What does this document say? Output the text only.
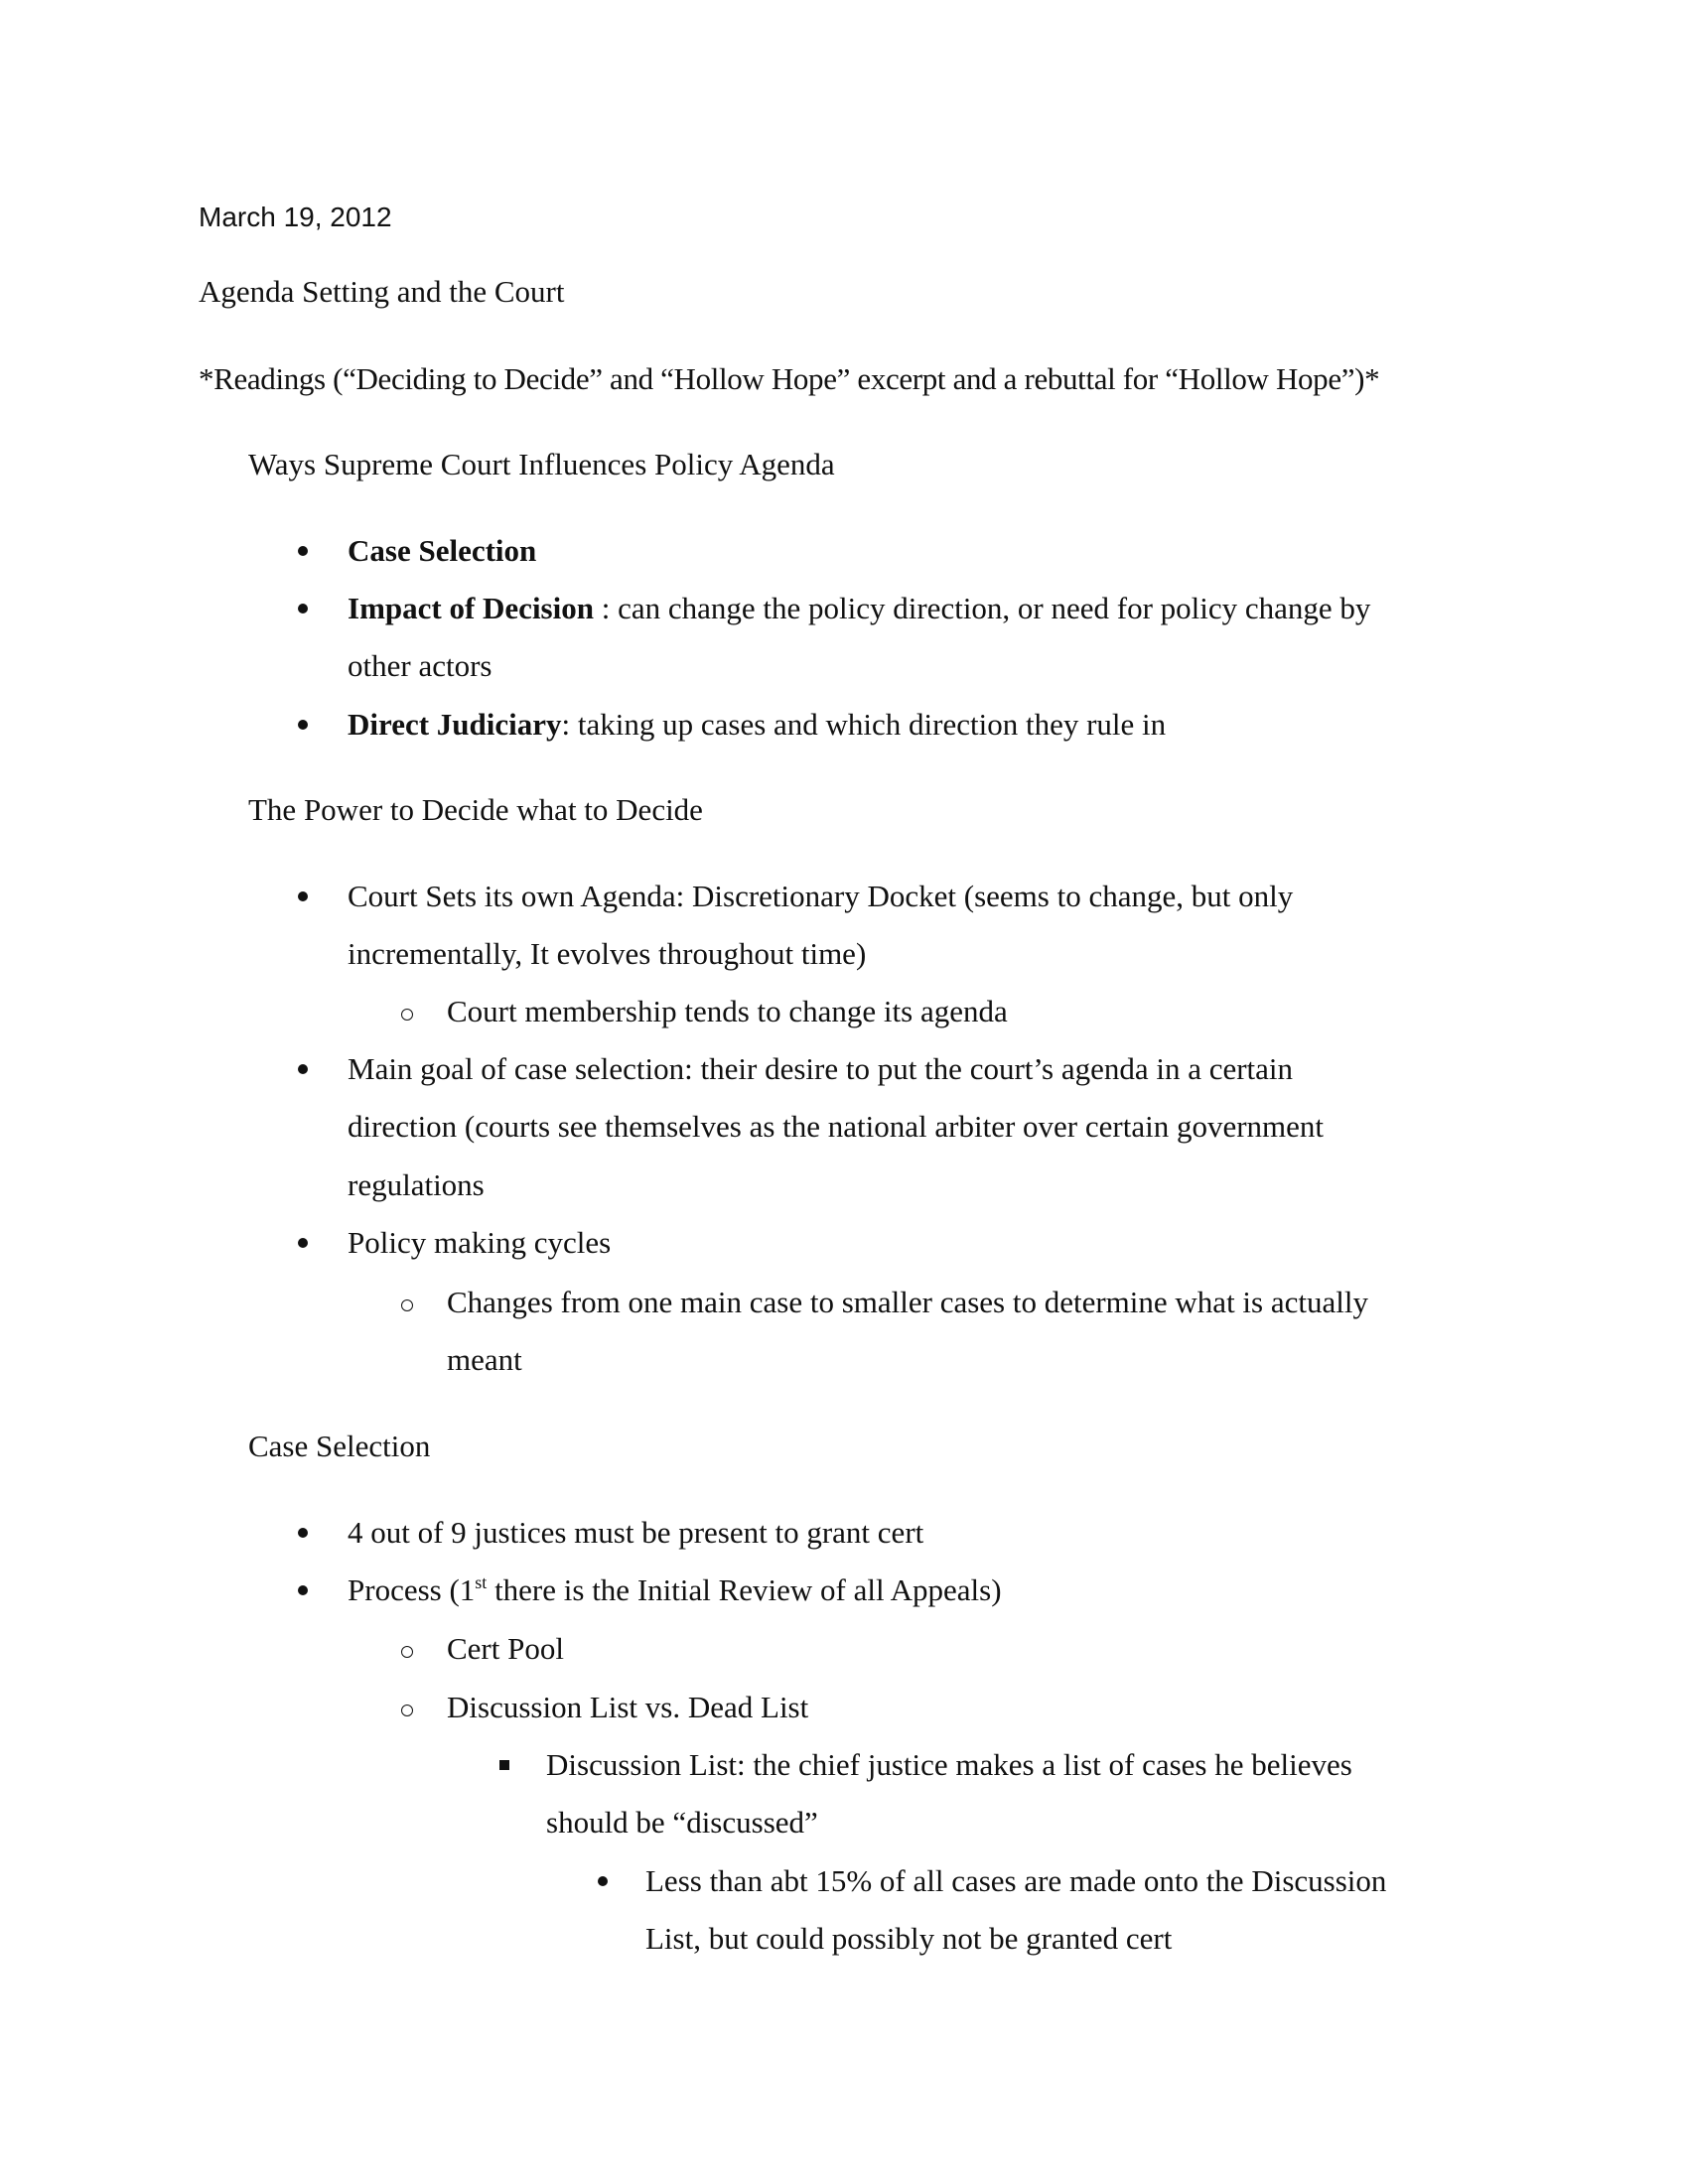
March 19, 2012
Agenda Setting and the Court
*Readings (“Deciding to Decide” and “Hollow Hope” excerpt and a rebuttal for “Hollow Hope”)*
Ways Supreme Court Influences Policy Agenda
Case Selection
Impact of Decision : can change the policy direction, or need for policy change by
other actors
Direct Judiciary: taking up cases and which direction they rule in
The Power to Decide what to Decide
Court Sets its own Agenda: Discretionary Docket (seems to change, but only
incrementally, It evolves throughout time)
Court membership tends to change its agenda
Main goal of case selection: their desire to put the court’s agenda in a certain
direction (courts see themselves as the national arbiter over certain government
regulations
Policy making cycles
Changes from one main case to smaller cases to determine what is actually
meant
Case Selection
4 out of 9 justices must be present to grant cert
Process (1st there is the Initial Review of all Appeals)
Cert Pool
Discussion List vs. Dead List
Discussion List: the chief justice makes a list of cases he believes
should be “discussed”
Less than abt 15% of all cases are made onto the Discussion
List, but could possibly not be granted cert
